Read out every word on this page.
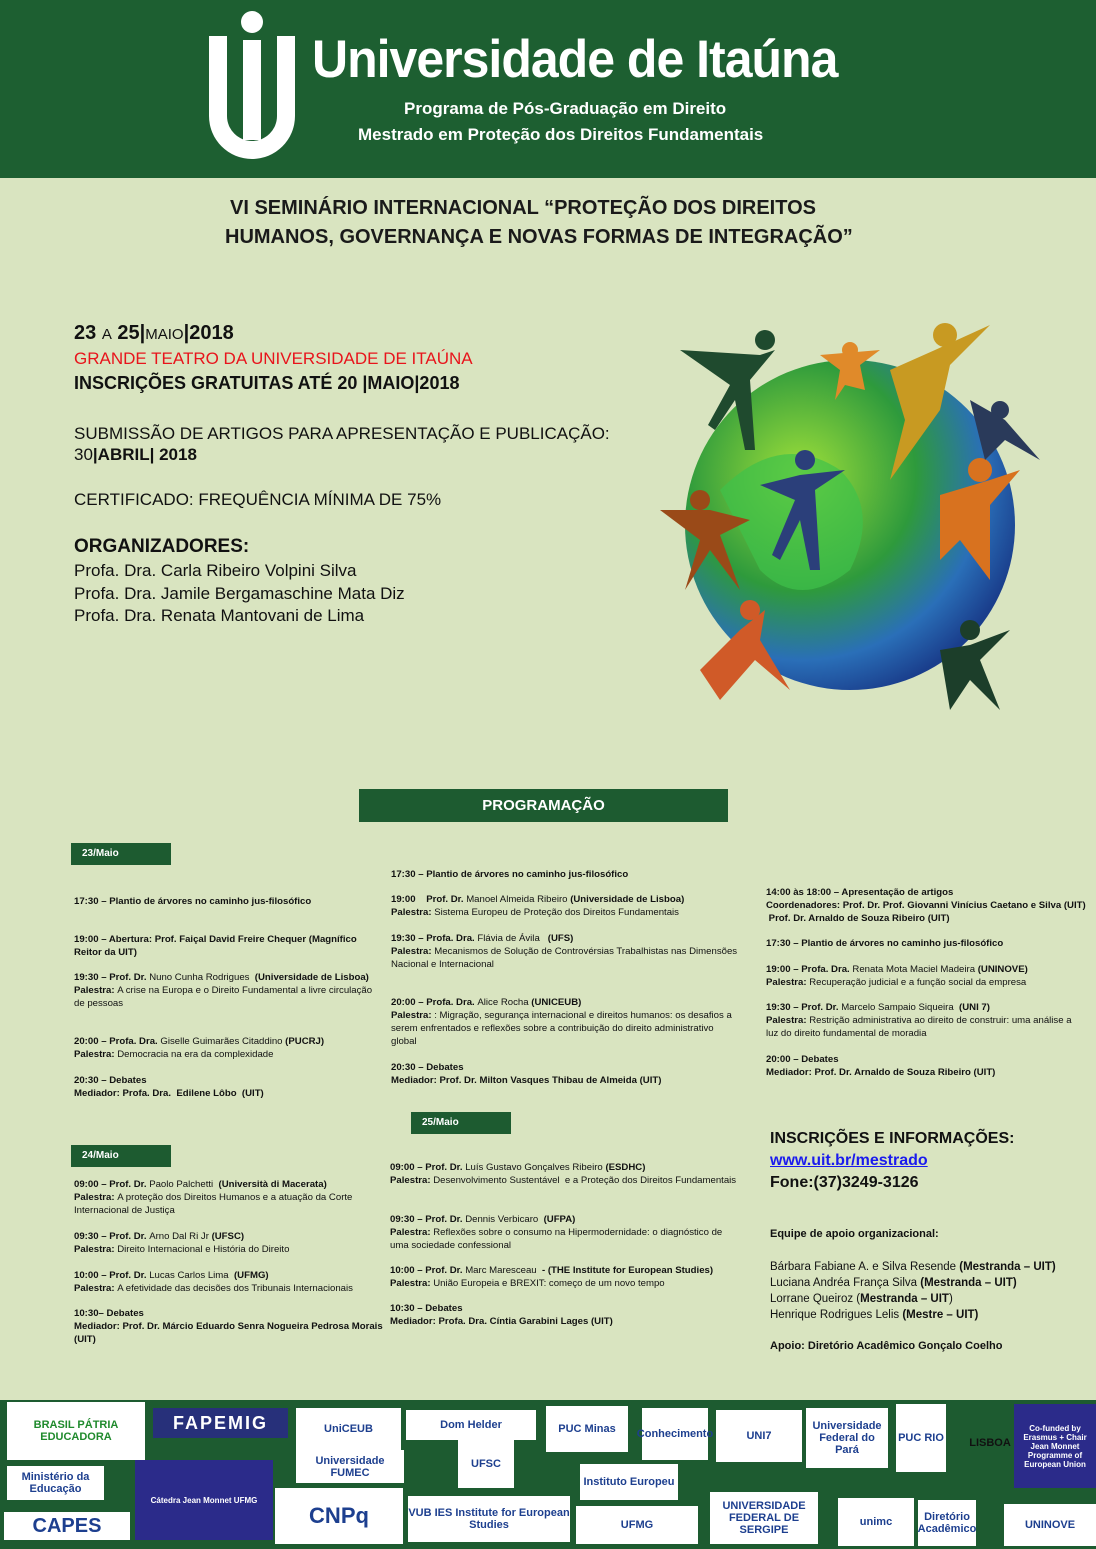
Universidade de Itaúna
Programa de Pós-Graduação em Direito
Mestrado em Proteção dos Direitos Fundamentais
VI SEMINÁRIO INTERNACIONAL “PROTEÇÃO DOS DIREITOS
HUMANOS, GOVERNANÇA E NOVAS FORMAS DE INTEGRAÇÃO”
23 A 25|MAIO|2018
GRANDE TEATRO DA UNIVERSIDADE DE ITAÚNA
INSCRIÇÕES GRATUITAS ATÉ 20 |MAIO|2018
SUBMISSÃO DE ARTIGOS PARA APRESENTAÇÃO E PUBLICAÇÃO:
30|ABRIL| 2018
CERTIFICADO: FREQUÊNCIA MÍNIMA DE 75%
ORGANIZADORES:
Profa. Dra. Carla Ribeiro Volpini Silva
Profa. Dra. Jamile Bergamaschine Mata Diz
Profa. Dra. Renata Mantovani de Lima
PROGRAMAÇÃO
23/Maio
24/Maio
25/Maio
17:30 – Plantio de árvores no caminho jus-filosófico
19:00 – Abertura: Prof. Faiçal David Freire Chequer (Magnífico Reitor da UIT)
19:30 – Prof. Dr. Nuno Cunha Rodrigues  (Universidade de Lisboa)
Palestra: A crise na Europa e o Direito Fundamental a livre circulação de pessoas
20:00 – Profa. Dra. Giselle Guimarães Citaddino (PUCRJ)
Palestra: Democracia na era da complexidade
20:30 – Debates
Mediador: Profa. Dra.  Edilene Lôbo  (UIT)
09:00 – Prof. Dr. Paolo Palchetti  (Università di Macerata)
Palestra: A proteção dos Direitos Humanos e a atuação da Corte Internacional de Justiça
09:30 – Prof. Dr. Arno Dal Ri Jr (UFSC)
Palestra: Direito Internacional e História do Direito
10:00 – Prof. Dr. Lucas Carlos Lima  (UFMG)
Palestra: A efetividade das decisões dos Tribunais Internacionais
10:30– Debates
Mediador: Prof. Dr. Márcio Eduardo Senra Nogueira Pedrosa Morais (UIT)
17:30 – Plantio de árvores no caminho jus-filosófico
19:00    Prof. Dr. Manoel Almeida Ribeiro (Universidade de Lisboa)
Palestra: Sistema Europeu de Proteção dos Direitos Fundamentais
19:30 – Profa. Dra. Flávia de Ávila   (UFS)
Palestra: Mecanismos de Solução de Controvérsias Trabalhistas nas Dimensões Nacional e Internacional
20:00 – Profa. Dra. Alice Rocha (UNICEUB)
Palestra: : Migração, segurança internacional e direitos humanos: os desafios a serem enfrentados e reflexões sobre a contribuição do direito administrativo global
20:30 – Debates
Mediador: Prof. Dr. Milton Vasques Thibau de Almeida (UIT)
09:00 – Prof. Dr. Luís Gustavo Gonçalves Ribeiro (ESDHC)
Palestra: Desenvolvimento Sustentável  e a Proteção dos Direitos Fundamentais
09:30 – Prof. Dr. Dennis Verbicaro  (UFPA)
Palestra: Reflexões sobre o consumo na Hipermodernidade: o diagnóstico de uma sociedade confessional
10:00 – Prof. Dr. Marc Maresceau  - (THE Institute for European Studies)
Palestra: União Europeia e BREXIT: começo de um novo tempo
10:30 – Debates
Mediador: Profa. Dra. Cíntia Garabini Lages (UIT)
14:00 às 18:00 – Apresentação de artigos
Coordenadores: Prof. Dr. Prof. Giovanni Vinícius Caetano e Silva (UIT)
Prof. Dr. Arnaldo de Souza Ribeiro (UIT)
17:30 – Plantio de árvores no caminho jus-filosófico
19:00 – Profa. Dra. Renata Mota Maciel Madeira (UNINOVE)
Palestra: Recuperação judicial e a função social da empresa
19:30 – Prof. Dr. Marcelo Sampaio Siqueira  (UNI 7)
Palestra: Restrição administrativa ao direito de construir: uma análise a luz do direito fundamental de moradia
20:00 – Debates
Mediador: Prof. Dr. Arnaldo de Souza Ribeiro (UIT)
INSCRIÇÕES E INFORMAÇÕES:
www.uit.br/mestrado
Fone:(37)3249-3126
Equipe de apoio organizacional:
Bárbara Fabiane A. e Silva Resende (Mestranda – UIT)
Luciana Andréa França Silva (Mestranda – UIT)
Lorrane Queiroz (Mestranda – UIT)
Henrique Rodrigues Lelis (Mestre – UIT)
Apoio: Diretório Acadêmico Gonçalo Coelho
BRASIL PÁTRIA EDUCADORA
FAPEMIG	UniCEUB	Dom Helder	PUC Minas	Conhecimento	UNI7
Universidade Federal do Pará
PUC RIO LISBOA
Co-funded by Erasmus + Chair Jean Monnet Programme of European Union
Ministério da Educação
Cátedra Jean Monnet UFMG
Universidade FUMEC
UFSC
Instituto Europeu
CAPES	CNPq	VUB IES Institute for European Studies	UFMG
UNIVERSIDADE FEDERAL DE SERGIPE
unimc	Diretório Acadêmico	UNINOVE
